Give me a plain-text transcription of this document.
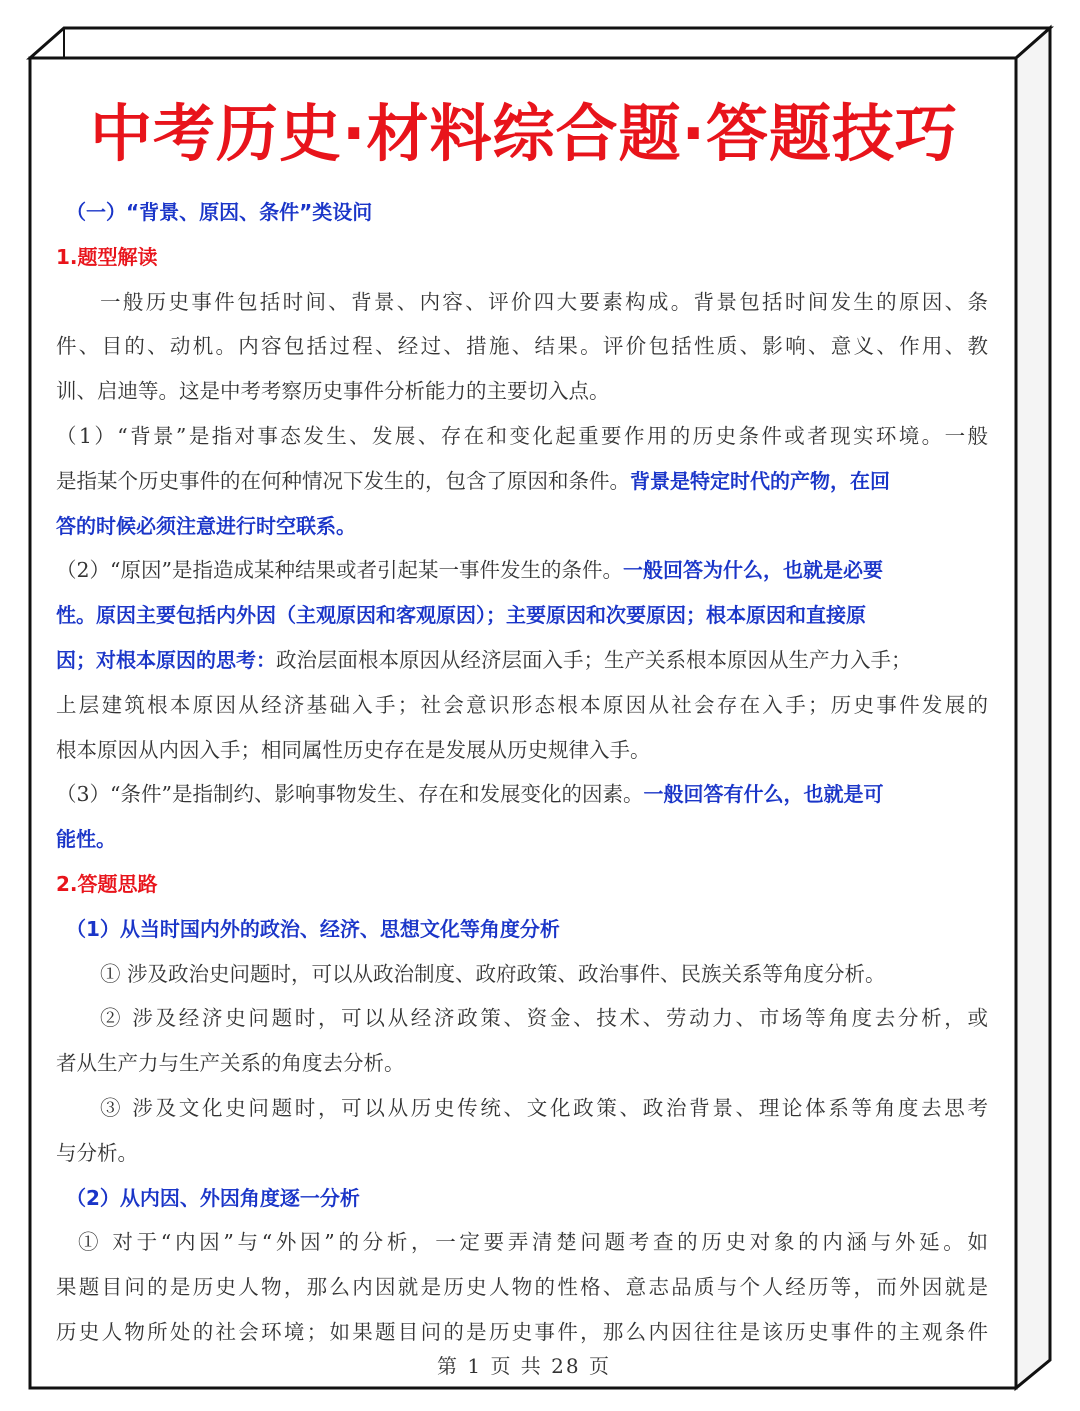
中考历史·材料综合题·答题技巧
（一）“背景、原因、条件”类设问
1.题型解读
一般历史事件包括时间、背景、内容、评价四大要素构成。背景包括时间发生的原因、条
件、目的、动机。内容包括过程、经过、措施、结果。评价包括性质、影响、意义、作用、教
训、启迪等。这是中考考察历史事件分析能力的主要切入点。
（1）“背景”是指对事态发生、发展、存在和变化起重要作用的历史条件或者现实环境。一般
是指某个历史事件的在何种情况下发生的，包含了原因和条件。背景是特定时代的产物，在回
答的时候必须注意进行时空联系。
（2）“原因”是指造成某种结果或者引起某一事件发生的条件。一般回答为什么，也就是必要
性。原因主要包括内外因（主观原因和客观原因）；主要原因和次要原因；根本原因和直接原
因；对根本原因的思考：政治层面根本原因从经济层面入手；生产关系根本原因从生产力入手；
上层建筑根本原因从经济基础入手；社会意识形态根本原因从社会存在入手；历史事件发展的
根本原因从内因入手；相同属性历史存在是发展从历史规律入手。
（3）“条件”是指制约、影响事物发生、存在和发展变化的因素。一般回答有什么，也就是可
能性。
2.答题思路
（1）从当时国内外的政治、经济、思想文化等角度分析
① 涉及政治史问题时，可以从政治制度、政府政策、政治事件、民族关系等角度分析。
② 涉及经济史问题时，可以从经济政策、资金、技术、劳动力、市场等角度去分析，或
者从生产力与生产关系的角度去分析。
③ 涉及文化史问题时，可以从历史传统、文化政策、政治背景、理论体系等角度去思考
与分析。
（2）从内因、外因角度逐一分析
① 对于“内因”与“外因”的分析，一定要弄清楚问题考查的历史对象的内涵与外延。如
果题目问的是历史人物，那么内因就是历史人物的性格、意志品质与个人经历等，而外因就是
历史人物所处的社会环境；如果题目问的是历史事件，那么内因往往是该历史事件的主观条件
第 1 页 共 28 页
